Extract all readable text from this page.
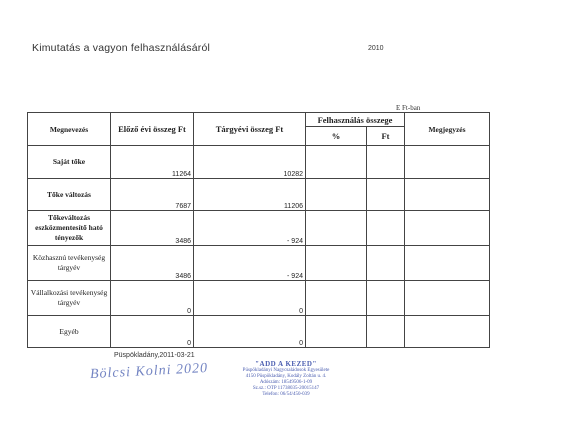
Kimutatás a vagyon felhasználásáról	2010
E Ft-ban
Megnevezés	Előző évi összeg Ft	Tárgyévi összeg Ft	Felhasználás összege		Megjegyzés
			%	Ft	
Saját tőke	11264	10282			
Tőke változás	7687	11206			
Tőkeváltozás eszközmentesítő ható tényezők	3486	- 924			
Közhasznú tevékenység tárgyév	3486	- 924			
Vállalkozási tevékenység tárgyév	0	0			
Egyéb	0	0			
Püspökladány,2011-03-21
Bölcsi Kolni 2020	"ADD A KEZED"
Püspökladányi Nagycsaládosok Egyesülete
4150 Püspökladány, Kodály Zoltán u. 4.
Adószám: 18549506-1-09
Sz.sz.: OTP 11738035-20015147
Telefon: 06/54/450-039
